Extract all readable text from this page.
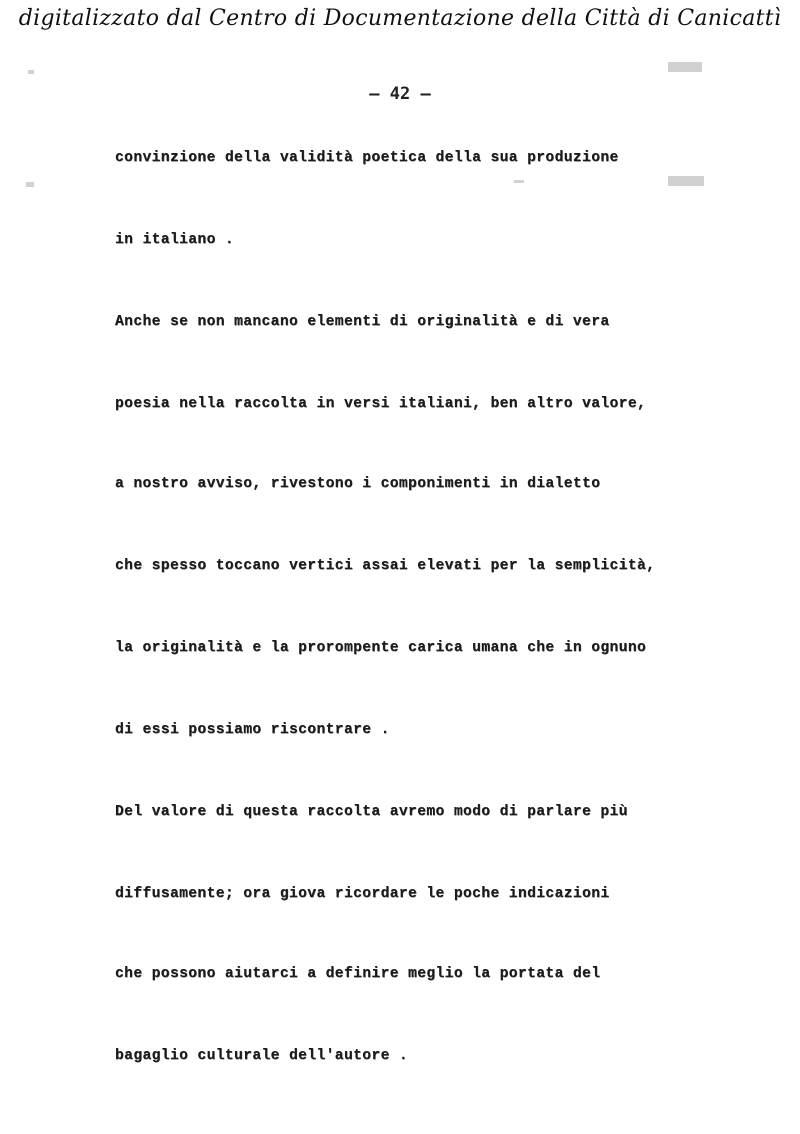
digitalizzato dal Centro di Documentazione della Città di Canicattì
– 42 –
convinzione della validità poetica della sua produzione
in italiano .
Anche se non mancano elementi di originalità e di vera
poesia nella raccolta in versi italiani, ben altro valore,
a nostro avviso, rivestono i componimenti in dialetto
che spesso toccano vertici assai elevati per la semplicità,
la originalità e la prorompente carica umana che in ognuno
di essi possiamo riscontrare .
Del valore di questa raccolta avremo modo di parlare più
diffusamente; ora giova ricordare le poche indicazioni
che possono aiutarci a definire meglio la portata del
bagaglio culturale dell'autore .
